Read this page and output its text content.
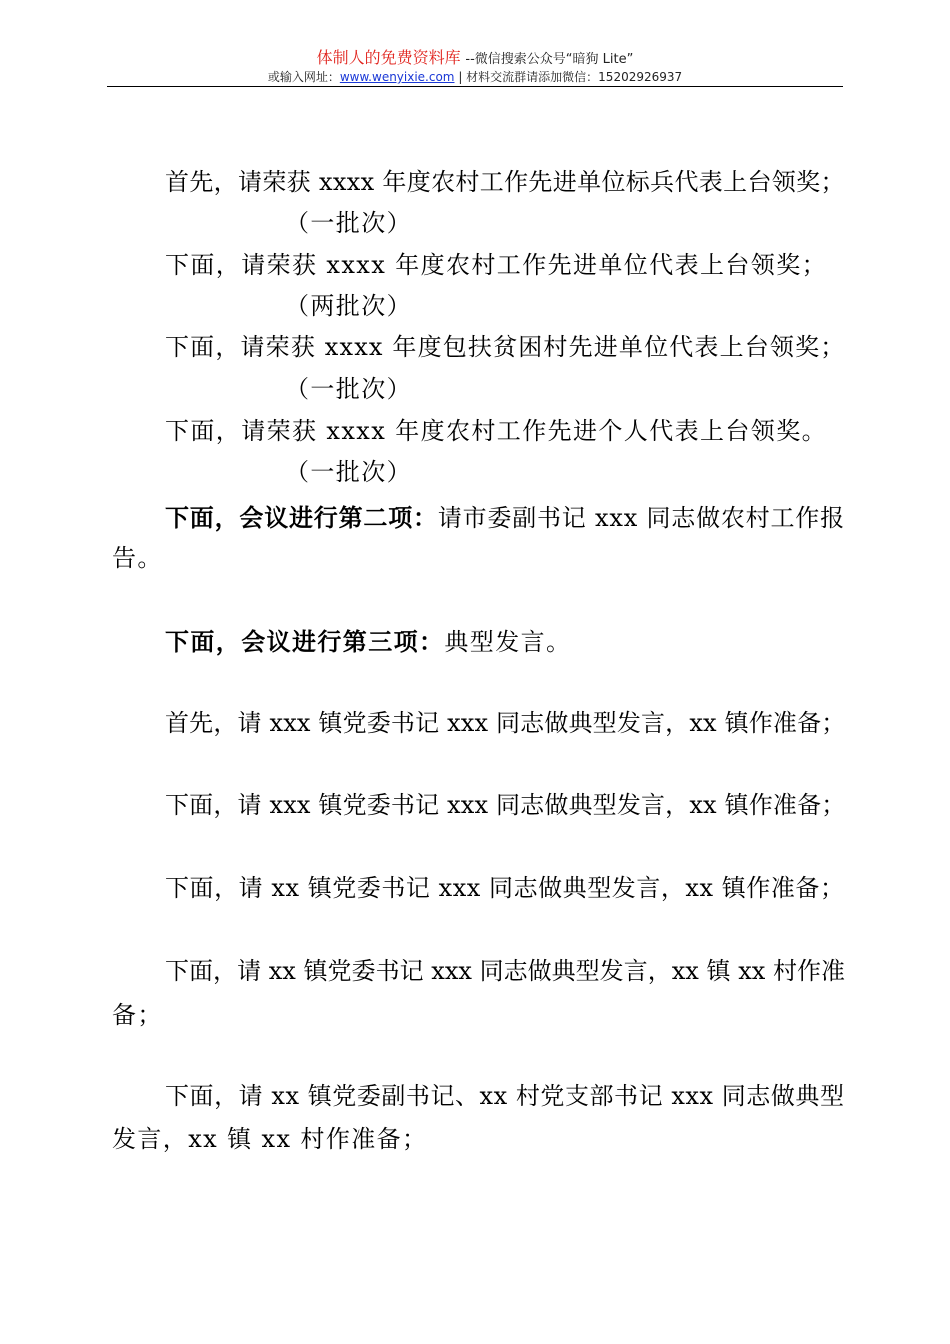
体制人的免费资料库 --微信搜索公众号“暗狗 Lite”
或输入网址：www.wenyixie.com | 材料交流群请添加微信：15202926937
首先，请荣获 xxxx 年度农村工作先进单位标兵代表上台领奖；
（一批次）
下面，请荣获 xxxx 年度农村工作先进单位代表上台领奖；
（两批次）
下面，请荣获 xxxx 年度包扶贫困村先进单位代表上台领奖；
（一批次）
下面，请荣获 xxxx 年度农村工作先进个人代表上台领奖。
（一批次）
下面，会议进行第二项：请市委副书记 xxx 同志做农村工作报
告。
下面，会议进行第三项：典型发言。
首先，请 xxx 镇党委书记 xxx 同志做典型发言，xx 镇作准备；
下面，请 xxx 镇党委书记 xxx 同志做典型发言，xx 镇作准备；
下面，请 xx 镇党委书记 xxx 同志做典型发言，xx 镇作准备；
下面，请 xx 镇党委书记 xxx 同志做典型发言，xx 镇 xx 村作准
备；
下面，请 xx 镇党委副书记、xx 村党支部书记 xxx 同志做典型
发言，xx 镇 xx 村作准备；
